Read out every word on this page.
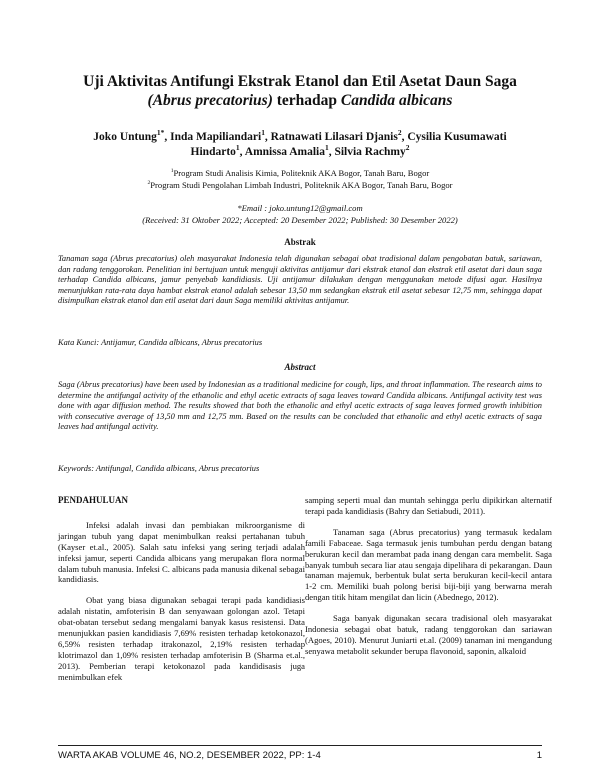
Uji Aktivitas Antifungi Ekstrak Etanol dan Etil Asetat Daun Saga
(Abrus precatorius) terhadap Candida albicans
Joko Untung$^{1*}$, Inda Mapiliandari$^1$, Ratnawati Lilasari Djanis$^2$, Cysilia Kusumawati
Hindarto$^1$, Amnissa Amalia$^1$, Silvia Rachmy$^2$
$^1$Program Studi Analisis Kimia, Politeknik AKA Bogor, Tanah Baru, Bogor
$^2$Program Studi Pengolahan Limbah Industri, Politeknik AKA Bogor, Tanah Baru, Bogor
*Email : joko.untung12@gmail.com
(Received: 31 Oktober 2022; Accepted: 20 Desember 2022; Published: 30 Desember 2022)
Abstrak
Tanaman saga (Abrus precatorius) oleh masyarakat Indonesia telah digunakan sebagai obat tradisional dalam pengobatan batuk, sariawan, dan radang tenggorokan. Penelitian ini bertujuan untuk menguji aktivitas antijamur dari ekstrak etanol dan ekstrak etil asetat dari daun saga terhadap Candida albicans, jamur penyebab kandidiasis. Uji antijamur dilakukan dengan menggunakan metode difusi agar. Hasilnya menunjukkan rata-rata daya hambat ekstrak etanol adalah sebesar 13,50 mm sedangkan ekstrak etil asetat sebesar 12,75 mm, sehingga dapat disimpulkan ekstrak etanol dan etil asetat dari daun Saga memiliki aktivitas antijamur.
Kata Kunci: Antijamur, Candida albicans, Abrus precatorius
Abstract
Saga (Abrus precatorius) have been used by Indonesian as a traditional medicine for cough, lips, and throat inflammation. The research aims to determine the antifungal activity of the ethanolic and ethyl acetic extracts of saga leaves toward Candida albicans. Antifungal activity test was done with agar diffusion method. The results showed that both the ethanolic and ethyl acetic extracts of saga leaves formed growth inhibition with consecutive average of 13,50 mm and 12,75 mm. Based on the results can be concluded that ethanolic and ethyl acetic extracts of saga leaves had antifungal activity.
Keywords: Antifungal, Candida albicans, Abrus precatorius
PENDAHULUAN

Infeksi adalah invasi dan pembiakan mikroorganisme di jaringan tubuh yang dapat menimbulkan reaksi pertahanan tubuh (Kayser et.al., 2005). Salah satu infeksi yang sering terjadi adalah infeksi jamur, seperti Candida albicans yang merupakan flora normal dalam tubuh manusia. Infeksi C. albicans pada manusia dikenal sebagai kandidiasis.

Obat yang biasa digunakan sebagai terapi pada kandidiasis adalah nistatin, amfoterisin B dan senyawaan golongan azol. Tetapi obat-obatan tersebut sedang mengalami banyak kasus resistensi. Data menunjukkan pasien kandidiasis 7,69% resisten terhadap ketokonazol, 6,59% resisten terhadap itrakonazol, 2,19% resisten terhadap klotrimazol dan 1,09% resisten terhadap amfoterisin B (Sharma et.al., 2013). Pemberian terapi ketokonazol pada kandidisasis juga menimbulkan efek

samping seperti mual dan muntah sehingga perlu dipikirkan alternatif terapi pada kandidiasis (Bahry dan Setiabudi, 2011).

Tanaman saga (Abrus precatorius) yang termasuk kedalam famili Fabaceae. Saga termasuk jenis tumbuhan perdu dengan batang berukuran kecil dan merambat pada inang dengan cara membelit. Saga banyak tumbuh secara liar atau sengaja dipelihara di pekarangan. Daun tanaman majemuk, berbentuk bulat serta berukuran kecil-kecil antara 1-2 cm. Memiliki buah polong berisi biji-biji yang berwarna merah dengan titik hitam mengilat dan licin (Abednego, 2012).

Saga banyak digunakan secara tradisional oleh masyarakat Indonesia sebagai obat batuk, radang tenggorokan dan sariawan (Agoes, 2010). Menurut Juniarti et.al. (2009) tanaman ini mengandung senyawa metabolit sekunder berupa flavonoid, saponin, alkaloid

WARTA AKAB VOLUME 46, NO.2, DESEMBER 2022, PP: 1-4	1
